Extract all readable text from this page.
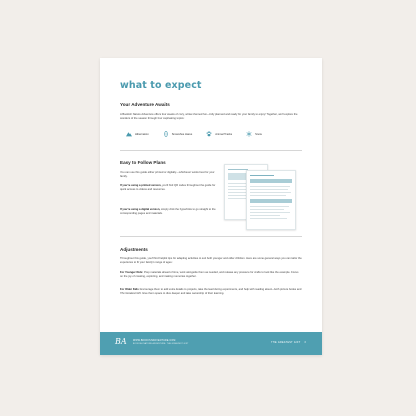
what to expect
Your Adventure Awaits

A Bookish Nature Adventure offers four weeks of cozy, winter-themed fun—fully planned and ready for your family to enjoy! Together, we'll explore the wonders of the season through four captivating topics:

Hibernation	Snowshoe Hares	Animal Tracks	Snow
Easy to Follow Plans

You can use this guide either printed or digitally—whichever works best for your family.

If you're using a printed version, you'll find QR codes throughout the guide for quick access to videos and resources.

If you're using a digital version, simply click the hyperlinks to go straight to the corresponding pages and materials.

Adjustments

Throughout this guide, you'll find helpful tips for adapting activities to suit both younger and older children. Here are some general ways you can tailor the experience to fit your family's range of ages:

For Younger Kids: Prep materials ahead of time, work alongside them as needed, and release any pressure for crafts to look like the example. Focus on the joy of creating, exploring, and making memories together.

For Older Kids: Encourage them to add extra details to projects, take the lead during experiments, and help with reading aloud—both picture books and The Greatest Gift. Give them space to dive deeper and take ownership of their learning.

BA	WWW.BOOKISHADVENTURE.COM
BOOKISH NATURE ADVENTURE: THE GREATEST GIFT	THE GREATEST GIFT 3
